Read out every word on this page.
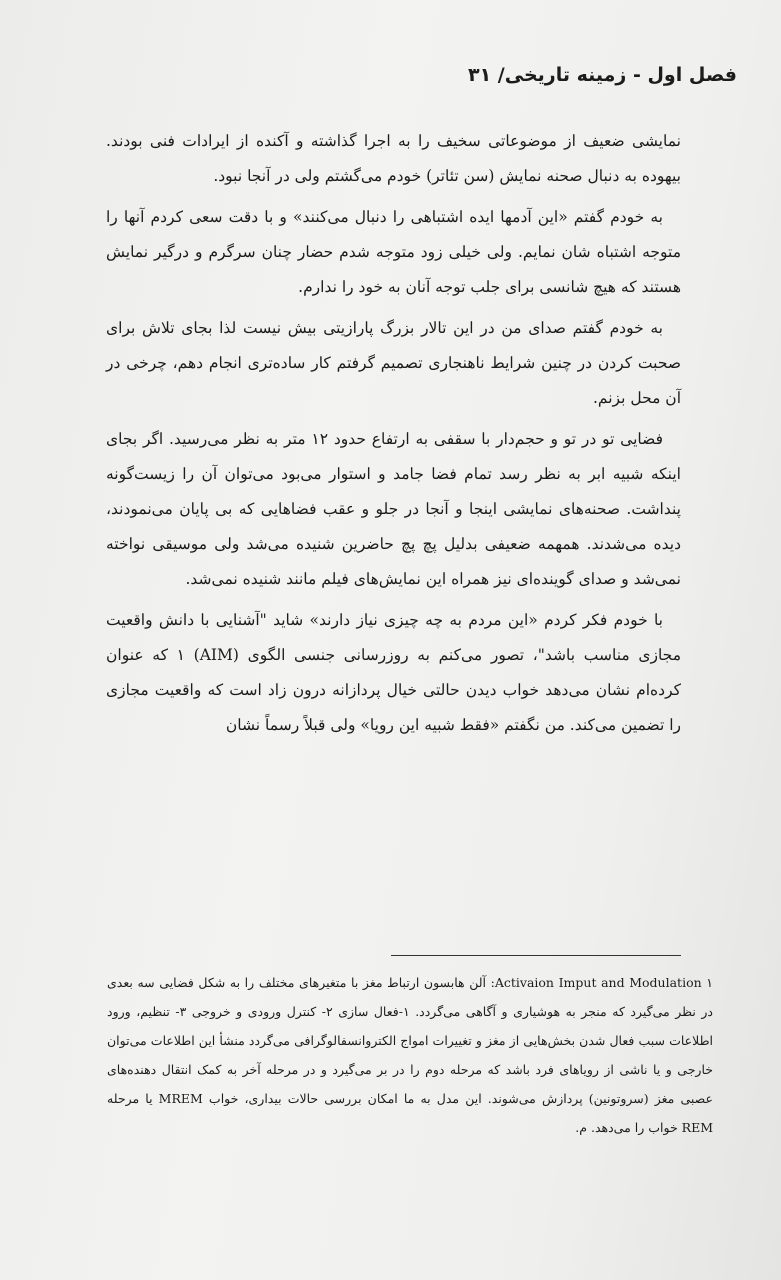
فصل اول - زمینه تاریخی/ ۳۱

نمایشی ضعیف از موضوعاتی سخیف را به اجرا گذاشته و آکنده از ایرادات فنی بودند. بیهوده به دنبال صحنه نمایش (سن تئاتر) خودم می‌گشتم ولی در آنجا نبود.

به خودم گفتم «این آدمها ایده اشتباهی را دنبال می‌کنند» و با دقت سعی کردم آنها را متوجه اشتباه شان نمایم. ولی خیلی زود متوجه شدم حضار چنان سرگرم و درگیر نمایش هستند که هیچ شانسی برای جلب توجه آنان به خود را ندارم.

به خودم گفتم صدای من در این تالار بزرگ پارازیتی بیش نیست لذا بجای تلاش برای صحبت کردن در چنین شرایط ناهنجاری تصمیم گرفتم کار ساده‌تری انجام دهم، چرخی در آن محل بزنم.

فضایی تو در تو و حجم‌دار با سقفی به ارتفاع حدود ۱۲ متر به نظر می‌رسید. اگر بجای اینکه شبیه ابر به نظر رسد تمام فضا جامد و استوار می‌بود می‌توان آن را زیست‌گونه پنداشت. صحنه‌های نمایشی اینجا و آنجا در جلو و عقب فضاهایی که بی پایان می‌نمودند، دیده می‌شدند. همهمه ضعیفی بدلیل پچ پچ حاضرین شنیده می‌شد ولی موسیقی نواخته نمی‌شد و صدای گوینده‌ای نیز همراه این نمایش‌های فیلم مانند شنیده نمی‌شد.

با خودم فکر کردم «این مردم به چه چیزی نیاز دارند» شاید "آشنایی با دانش واقعیت مجازی مناسب باشد"، تصور می‌کنم به روزرسانی جنسی الگوی (AIM) ۱ که عنوان کرده‌ام نشان می‌دهد خواب دیدن حالتی خیال پردازانه درون زاد است که واقعیت مجازی را تضمین می‌کند. من نگفتم «فقط شبیه این رویا» ولی قبلاً رسماً نشان

۱ Activaion Imput and Modulation: آلن هابسون ارتباط مغز با متغیرهای مختلف را به شکل فضایی سه بعدی در نظر می‌گیرد که منجر به هوشیاری و آگاهی می‌گردد. ۱-فعال سازی ۲- کنترل ورودی و خروجی ۳- تنظیم، ورود اطلاعات سبب فعال شدن بخش‌هایی از مغز و تغییرات امواج الکتروانسفالوگرافی می‌گردد منشأ این اطلاعات می‌توان خارجی و یا ناشی از رویاهای فرد باشد که مرحله دوم را در بر می‌گیرد و در مرحله آخر به کمک انتقال دهنده‌های عصبی مغز (سروتونین) پردازش می‌شوند. این مدل به ما امکان بررسی حالات بیداری، خواب MREM یا مرحله REM خواب را می‌دهد. م.
